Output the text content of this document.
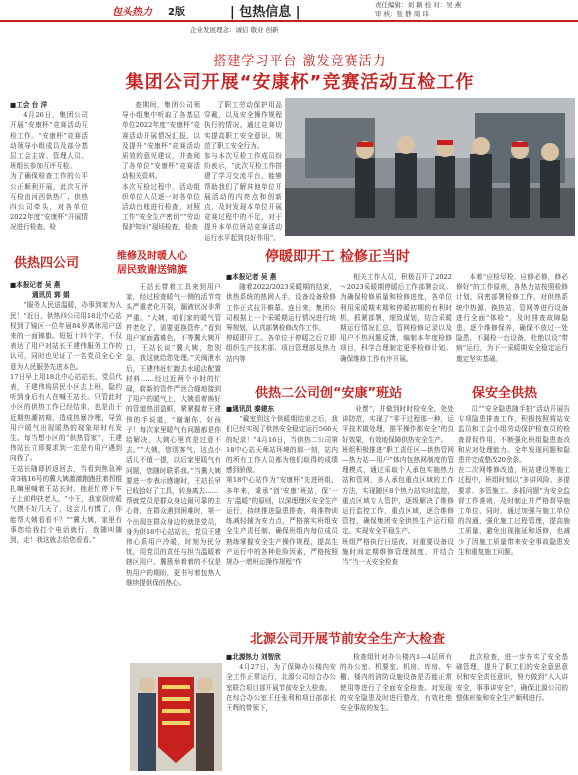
包头热力 2版	| 包热信息 |	责任编辑：刘 颖 校 对：吴 燕
审 核：张 静 周 玮
企业发展理念：诚信 敬业 创新
搭建学习平台 激发竞赛活力
集团公司开展“安康杯”竞赛活动互检工作
■工会 台 洋

4月26日，集团公司开展“安康杯”竞赛活动互检工作。“安康杯”竞赛活动领导小组成员及部分基层工会主席、管理人员、班组长参加互评互检。
为了确保检查工作的公平公正顺利开展，此次互评互检由河西供热厂、供热四公司牵头，对各单位2022年度“安康杯”开展情况进行检查。检

查期间，集团公司领导小组集中听取了各基层单位2022年度“安康杯”竞赛活动开展情况汇报，以及提升“安康杯”竞赛活动质效的意见建议，并查阅了各单位“安康杯”竞赛活动相关资料。
本次互检过程中，活动组织单位人员逐一对各单位活动台账进行检查，对照工作“安全生产密切”“劳动保护知识”现场检查，检查

了职工劳动保护用品穿戴，以及安全操作规程执行的情况。通过竞赛切实提高职工安全意识，规范了职工安全行为。
参与本次互检工作成员纷纷表示，“此次互检工作搭建了学习交流平台，能够帮助我们了解其他单位开展活动的内亮点和创新点，及时发现本单位开展竞赛过程中的不足，对于提升本单位班站竞赛活动运行水平起到良好作用”。

供热四公司	维修及时暖人心
居民致谢送锦旗
■本报记者 吴 燕
通讯员 郭 娟

“服务人民送温暖，办事到家为人民！”近日，供热四公司用18北中心站权到了镜区一位年届84岁离休用户送来的一面锦旗。短短十四个字，不仅表达了用户对站长王建伟服务工作的认可，同时也见证了一名党员全心全意为人民服务先进本色。
17日早上用18北中心站站长，党员代表，王建伟将居民小区去上班，隐约听到身后有人在喊王站长。只管此时小区的供热工作已经结束，也是由于近期热潮初期，造成热暴冷哩，导致用户暖气出现暖热的现象却时有发生。每当想小区的“供热管家”，王建伟站长立即要求到一定是有用户遇到向我了。
王站长随即折返回去，当看到焦急神奇3栋16号的冀大姨激激跑跑拄着拐棍扎嘛里喊着王站长时，他赶忙停下车子上前伸扶老人。“小王，我家厨房暖气摸不好几天了，这会儿有惯了，你能帮大姨看看不？”“冀大姨，家里有事您给我打个电话就行，我随叫随到，走！我这就去给您看看。”

王站长带着工具来到用户家，经过检查暖气一侧的活节弯头严重老化开裂，漏液状况非常严重。“大姨，咱们家的暖气管件老化了，需要更换管件。”看到用户家面露难色，不等冀大姨开口，王站长说“冀大姨，您别急，我这就给您处理。”关阀泄水后，王建伟赶忙跑去水暖店配置材料……经过近两个小时的忙碌，崭新的管件严丝合缝地接到了用户的暖气上，大姨看着焕好的管道热泪盈眶，紧紧握着王建伟的手说道，“谢谢你，好孩子！每次家里暖气有问题都是你给解决，大姨心里真是过意不去。”“大姨，您别客气，这点小活儿不值一提，以后家里暖气有问题，您随时联系我。”当冀大姨要进一步表示感谢时，王站长早已收拾好了工具，转身离去……
帮就党员是群众身边最可靠的主心骨，在群众遇到困难时，第一个出现在群众身边的就是党员，身为供18中心站站长，党员王建伟心系用户冷暖，时刻为民分忧，用党员的责任与担当温暖着辖区用户。冀簇举着着的不仅是热用户的期盼，更书写着包热人继续提供保的热心。

停暖即开工 检修正当时
■本报记者 吴 燕

随着2022/2023采暖期的结束，供热系统的热网人手，设备设备检修工作正式拉开帷幕。连日来，集团公司根据上一个采暖期运行情况进行统筹规划，认真部署检修改作工作。
停暖即开工。各单位于停暖之后立即组织生产技术部、项目管理部及热力站内等

相关工作人员，积极召开了2022～2023采暖期停暖后工作部署会议。为确保检修质量和检修进度，各单位利用采暖期末期和停暖初期的有利时机，抓紧部署，细致谋划，结合采暖期运行情况汇总，管网检修记录以及用户不热问题反馈，编制本年度检修项目，科学合理制定更季检修计划。确保维修工作有序开展。

本着“应检尽检、应修必修，修必修好”的工作原则，各热力站按照检修计划，同密部署检修工作，对供热系统中热源、换热站，管网等进行设备进行全面“体检”，及时排查故障隐患，逐个维修保养，确保不放过一处隐患，不漏检一台设备，杜绝以设“带病”运行，为下一采暖期安全稳定运行奠定坚实基础。

供热二公司创“安康”班站	保安全供热
■通讯员 秦建东

“戴室到这个供暖期结束之后，我们已经实现了供热安全稳定运行566天的纪录！”4月16日，当供热二公司第18中心站天师站环境的那一刻，站内的所有工作人员都为他们取得的成绩感到骄傲。
第18中心站作为“安康杯”先进班组，多年来，秉承“创‘安康’班站，保‘一方’温暖”的原则，以深理理区安全生产运行，持续推进隐患排查，将准物训练减轻辅为安力点，严格落实班组安全生产责任制，确保班组内每位成员熟练掌握安全生产操作规程，提高生产运行中的各种危险因素，严格按照规办一增班运操作规程“作

业票”，并做到时时检安全，处处讲防范，实现了“零干过程那一种，运平技术做处理，推平操作都安全”的良好效果，有效地保障供热安全生产。
班组积极推进“职工责任区—供热管网—热力站—用户”体内包热网制度的管理模式，通过采取个人承包实施热力站和管网，多人承包重点区域的工作方法，实现随区8个热力站实时监控，重点区域专人管护，逐级解决了维修运行监控工作，重点区域，逐合维修管控，确保集团安全供热生产运行稳定。实现安全平稳生产。
班组严格执行日巡夜、对重要设备设施时间定期维修管理制度，并结合当“当一天安全检查

员”“安全隐患随手拍”活动开展告专项隐患排查工作，积极按照将站安监员和工会小组劳动保护检查员的检查督促作用，不断强化班组隐患查改和应对处理能力。全年发现问题和隐患并完成整改20余条。
在二次网维修改造，班站建设等施工过程中，班组时刻以“多讲风险、多提要求、多管施工、多抓问题”为安全监督工作准则，及时制止并严格督导施工单位，同时，通过加强与施工单位的沟通，强化施工过程管理，提高施工质量，避免出现拖延和返修，也减少了因施工质量带来安全事故隐患发生和重复施工问题。

北源公司开展节前安全生产大检查
■北源热力 刘智欣

4月27日，为了保障办公楼内安全工作正常运行，北源公司综合办公室联合项目部开展节前安全大检查。
在综合办公室王任张利和项目部部长王辉的带领下，

检查组针对办公楼内1—4层所有的办公室、机要室、机房、库房、车棚、楼内的消防设施设备是否能正常使用等进行了全面安全检查。对发现的安全隐患及时进行整改，有效杜绝安全事故的发生。

此次检查，进一步夯实了安全基础管理，提升了职工们的安全意思意识和安全责任意识，努力做到“人人讲安全，事事讲安全”，确保北源公司的整体形象和安全生产顺利进行。
